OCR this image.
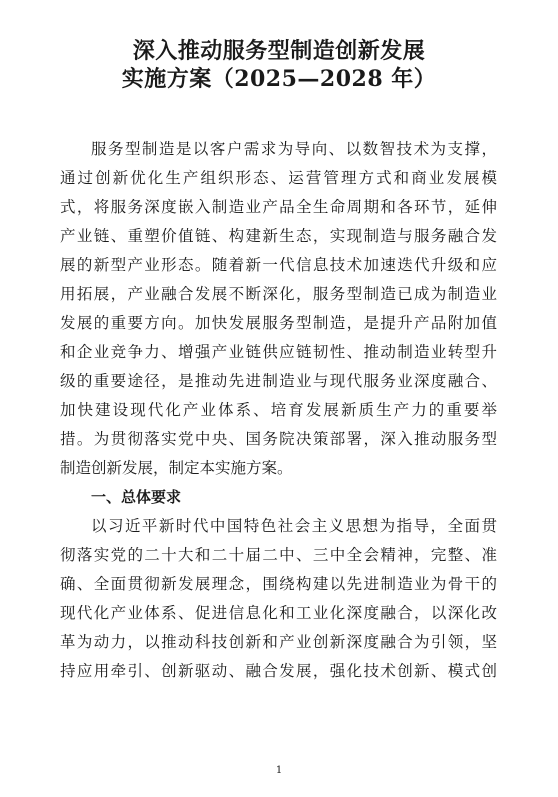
深入推动服务型制造创新发展
实施方案（2025—2028 年）
服务型制造是以客户需求为导向、以数智技术为支撑，
通过创新优化生产组织形态、运营管理方式和商业发展模
式，将服务深度嵌入制造业产品全生命周期和各环节，延伸
产业链、重塑价值链、构建新生态，实现制造与服务融合发
展的新型产业形态。随着新一代信息技术加速迭代升级和应
用拓展，产业融合发展不断深化，服务型制造已成为制造业
发展的重要方向。加快发展服务型制造，是提升产品附加值
和企业竞争力、增强产业链供应链韧性、推动制造业转型升
级的重要途径，是推动先进制造业与现代服务业深度融合、
加快建设现代化产业体系、培育发展新质生产力的重要举
措。为贯彻落实党中央、国务院决策部署，深入推动服务型
制造创新发展，制定本实施方案。
一、总体要求
以习近平新时代中国特色社会主义思想为指导，全面贯
彻落实党的二十大和二十届二中、三中全会精神，完整、准
确、全面贯彻新发展理念，围绕构建以先进制造业为骨干的
现代化产业体系、促进信息化和工业化深度融合，以深化改
革为动力，以推动科技创新和产业创新深度融合为引领，坚
持应用牵引、创新驱动、融合发展，强化技术创新、模式创
1
